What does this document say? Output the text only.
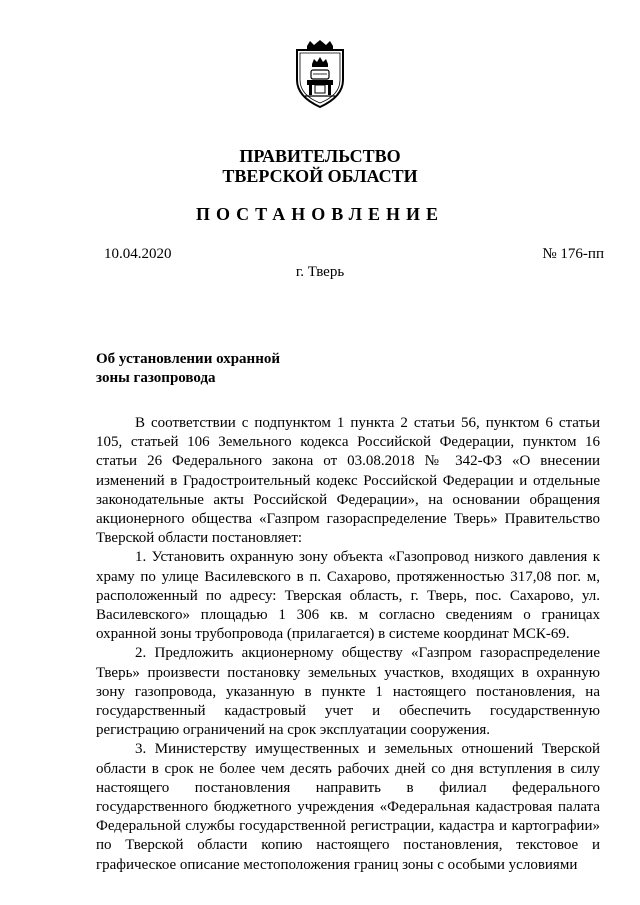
ПРАВИТЕЛЬСТВО
ТВЕРСКОЙ ОБЛАСТИ
ПОСТАНОВЛЕНИЕ
10.04.2020	№ 176-пп
г. Тверь
Об установлении охранной
зоны газопровода

В соответствии с подпунктом 1 пункта 2 статьи 56, пунктом 6 статьи 105, статьей 106 Земельного кодекса Российской Федерации, пунктом 16 статьи 26 Федерального закона от 03.08.2018 № 342-ФЗ «О внесении изменений в Градостроительный кодекс Российской Федерации и отдельные законодательные акты Российской Федерации», на основании обращения акционерного общества «Газпром газораспределение Тверь» Правительство Тверской области постановляет:

1. Установить охранную зону объекта «Газопровод низкого давления к храму по улице Василевского в п. Сахарово, протяженностью 317,08 пог. м, расположенный по адресу: Тверская область, г. Тверь, пос. Сахарово, ул. Василевского» площадью 1 306 кв. м согласно сведениям о границах охранной зоны трубопровода (прилагается) в системе координат МСК-69.

2. Предложить акционерному обществу «Газпром газораспределение Тверь» произвести постановку земельных участков, входящих в охранную зону газопровода, указанную в пункте 1 настоящего постановления, на государственный кадастровый учет и обеспечить государственную регистрацию ограничений на срок эксплуатации сооружения.

3. Министерству имущественных и земельных отношений Тверской области в срок не более чем десять рабочих дней со дня вступления в силу настоящего постановления направить в филиал федерального государственного бюджетного учреждения «Федеральная кадастровая палата Федеральной службы государственной регистрации, кадастра и картографии» по Тверской области копию настоящего постановления, текстовое и графическое описание местоположения границ зоны с особыми условиями
